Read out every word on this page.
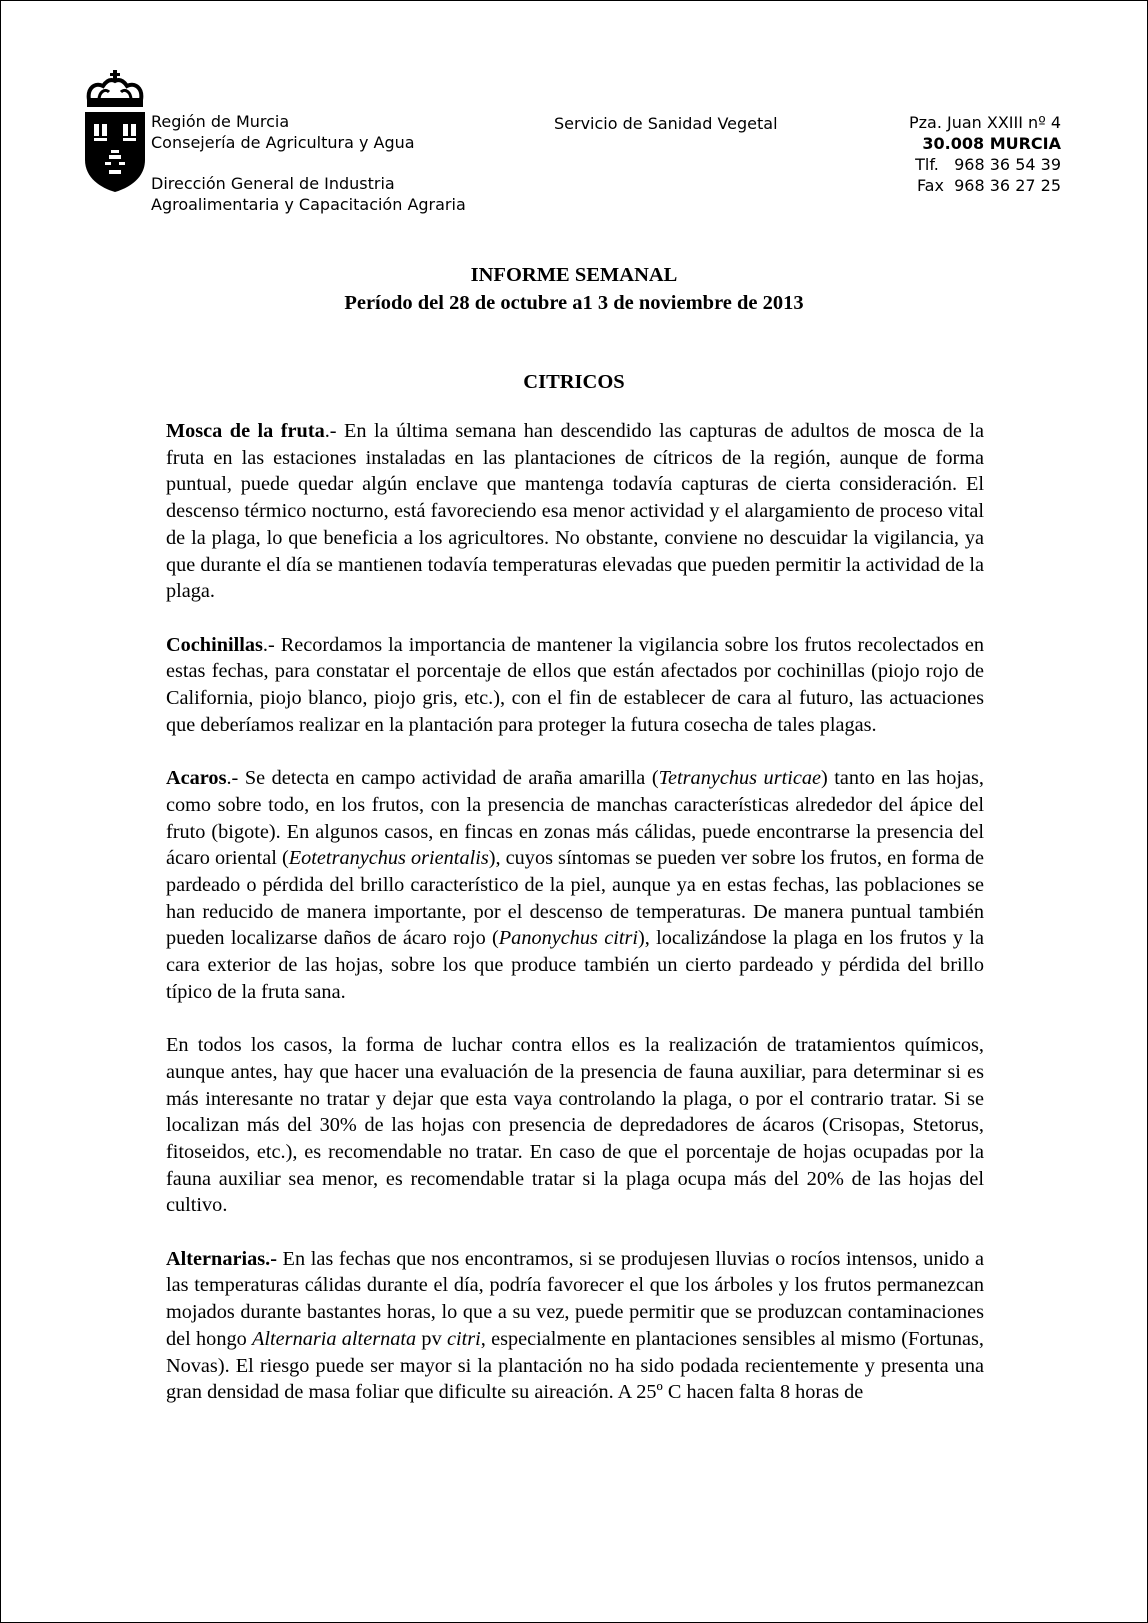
Región de Murcia
Consejería de Agricultura y Agua
Dirección General de Industria
Agroalimentaria y Capacitación Agraria
Servicio de Sanidad Vegetal	Pza. Juan XXIII nº 4
30.008 MURCIA
Tlf.   968 36 54 39
Fax  968 36 27 25
INFORME SEMANAL
Período del 28 de octubre a1 3 de noviembre de 2013
CITRICOS

Mosca de la fruta.- En la última semana han descendido las capturas de adultos de mosca de la fruta en las estaciones instaladas en las plantaciones de cítricos de la región, aunque de forma puntual, puede quedar algún enclave que mantenga todavía capturas de cierta consideración. El descenso térmico nocturno, está favoreciendo esa menor actividad y el alargamiento de proceso vital de la plaga, lo que beneficia a los agricultores. No obstante, conviene no descuidar la vigilancia, ya que durante el día se mantienen todavía temperaturas elevadas que pueden permitir la actividad de la plaga.

Cochinillas.- Recordamos la importancia de mantener la vigilancia sobre los frutos recolectados en estas fechas, para constatar el porcentaje de ellos que están afectados por cochinillas (piojo rojo de California, piojo blanco, piojo gris, etc.), con el fin de establecer de cara al futuro, las actuaciones que deberíamos realizar en la plantación para proteger la futura cosecha de tales plagas.

Acaros.- Se detecta en campo actividad de araña amarilla (Tetranychus urticae) tanto en las hojas, como sobre todo, en los frutos, con la presencia de manchas características alrededor del ápice del fruto (bigote). En algunos casos, en fincas en zonas más cálidas, puede encontrarse la presencia del ácaro oriental (Eotetranychus orientalis), cuyos síntomas se pueden ver sobre los frutos, en forma de pardeado o pérdida del brillo característico de la piel, aunque ya en estas fechas, las poblaciones se han reducido de manera importante, por el descenso de temperaturas. De manera puntual también pueden localizarse daños de ácaro rojo (Panonychus citri), localizándose la plaga en los frutos y la cara exterior de las hojas, sobre los que produce también un cierto pardeado y pérdida del brillo típico de la fruta sana.

En todos los casos, la forma de luchar contra ellos es la realización de tratamientos químicos, aunque antes, hay que hacer una evaluación de la presencia de fauna auxiliar, para determinar si es más interesante no tratar y dejar que esta vaya controlando la plaga, o por el contrario tratar. Si se localizan más del 30% de las hojas con presencia de depredadores de ácaros (Crisopas, Stetorus, fitoseidos, etc.), es recomendable no tratar. En caso de que el porcentaje de hojas ocupadas por la fauna auxiliar sea menor, es recomendable tratar si la plaga ocupa más del 20% de las hojas del cultivo.

Alternarias.- En las fechas que nos encontramos, si se produjesen lluvias o rocíos intensos, unido a las temperaturas cálidas durante el día, podría favorecer el que los árboles y los frutos permanezcan mojados durante bastantes horas, lo que a su vez, puede permitir que se produzcan contaminaciones del hongo Alternaria alternata pv citri, especialmente en plantaciones sensibles al mismo (Fortunas, Novas). El riesgo puede ser mayor si la plantación no ha sido podada recientemente y presenta una gran densidad de masa foliar que dificulte su aireación. A 25º C hacen falta 8 horas de
